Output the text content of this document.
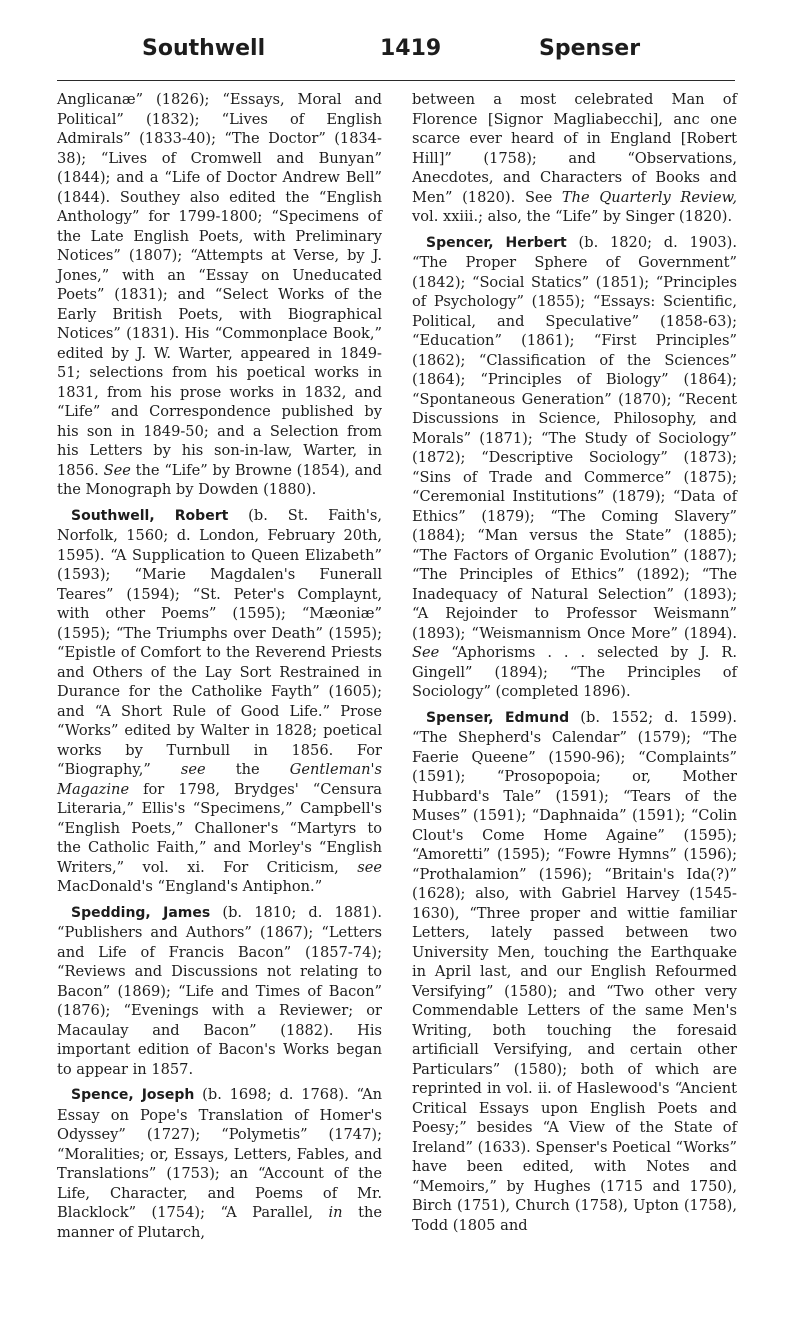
Southwell	1419	Spenser

Anglicanæ” (1826); “Essays, Moral and Political” (1832); “Lives of English Admirals” (1833-40); “The Doctor” (1834-38); “Lives of Cromwell and Bunyan” (1844); and a “Life of Doctor Andrew Bell” (1844). Southey also edited the “English Anthology” for 1799-1800; “Specimens of the Late English Poets, with Preliminary Notices” (1807); “Attempts at Verse, by J. Jones,” with an “Essay on Uneducated Poets” (1831); and “Select Works of the Early British Poets, with Biographical Notices” (1831). His “Commonplace Book,” edited by J. W. Warter, appeared in 1849-51; selections from his poetical works in 1831, from his prose works in 1832, and “Life” and Correspondence published by his son in 1849-50; and a Selection from his Letters by his son-in-law, Warter, in 1856. See the “Life” by Browne (1854), and the Monograph by Dowden (1880).

Southwell, Robert (b. St. Faith's, Norfolk, 1560; d. London, February 20th, 1595). “A Supplication to Queen Elizabeth” (1593); “Marie Magdalen's Funerall Teares” (1594); “St. Peter's Complaynt, with other Poems” (1595); “Mæoniæ” (1595); “The Triumphs over Death” (1595); “Epistle of Comfort to the Reverend Priests and Others of the Lay Sort Restrained in Durance for the Catholike Fayth” (1605); and “A Short Rule of Good Life.” Prose “Works” edited by Walter in 1828; poetical works by Turnbull in 1856. For “Biography,” see the Gentleman's Magazine for 1798, Brydges' “Censura Literaria,” Ellis's “Specimens,” Campbell's “English Poets,” Challoner's “Martyrs to the Catholic Faith,” and Morley's “English Writers,” vol. xi. For Criticism, see MacDonald's “England's Antiphon.”

Spedding, James (b. 1810; d. 1881). “Publishers and Authors” (1867); “Letters and Life of Francis Bacon” (1857-74); “Reviews and Discussions not relating to Bacon” (1869); “Life and Times of Bacon” (1876); “Evenings with a Reviewer; or Macaulay and Bacon” (1882). His important edition of Bacon's Works began to appear in 1857.

Spence, Joseph (b. 1698; d. 1768). “An Essay on Pope's Translation of Homer's Odyssey” (1727); “Polymetis” (1747); “Moralities; or, Essays, Letters, Fables, and Translations” (1753); an “Account of the Life, Character, and Poems of Mr. Blacklock” (1754); “A Parallel, in the manner of Plutarch,

between a most celebrated Man of Florence [Signor Magliabecchi], anc one scarce ever heard of in England [Robert Hill]” (1758); and “Observations, Anecdotes, and Characters of Books and Men” (1820). See The Quarterly Review, vol. xxiii.; also, the “Life” by Singer (1820).

Spencer, Herbert (b. 1820; d. 1903). “The Proper Sphere of Government” (1842); “Social Statics” (1851); “Principles of Psychology” (1855); “Essays: Scientific, Political, and Speculative” (1858-63); “Education” (1861); “First Principles” (1862); “Classification of the Sciences” (1864); “Principles of Biology” (1864); “Spontaneous Generation” (1870); “Recent Discussions in Science, Philosophy, and Morals” (1871); “The Study of Sociology” (1872); “Descriptive Sociology” (1873); “Sins of Trade and Commerce” (1875); “Ceremonial Institutions” (1879); “Data of Ethics” (1879); “The Coming Slavery” (1884); “Man versus the State” (1885); “The Factors of Organic Evolution” (1887); “The Principles of Ethics” (1892); “The Inadequacy of Natural Selection” (1893); “A Rejoinder to Professor Weismann” (1893); “Weismannism Once More” (1894). See “Aphorisms . . . selected by J. R. Gingell” (1894); “The Principles of Sociology” (completed 1896).

Spenser, Edmund (b. 1552; d. 1599). “The Shepherd's Calendar” (1579); “The Faerie Queene” (1590-96); “Complaints” (1591); “Prosopopoia; or, Mother Hubbard's Tale” (1591); “Tears of the Muses” (1591); “Daphnaida” (1591); “Colin Clout's Come Home Againe” (1595); “Amoretti” (1595); “Fowre Hymns” (1596); “Prothalamion” (1596); “Britain's Ida(?)” (1628); also, with Gabriel Harvey (1545-1630), “Three proper and wittie familiar Letters, lately passed between two University Men, touching the Earthquake in April last, and our English Refourmed Versifying” (1580); and “Two other very Commendable Letters of the same Men's Writing, both touching the foresaid artificiall Versifying, and certain other Particulars” (1580); both of which are reprinted in vol. ii. of Haslewood's “Ancient Critical Essays upon English Poets and Poesy;” besides “A View of the State of Ireland” (1633). Spenser's Poetical “Works” have been edited, with Notes and “Memoirs,” by Hughes (1715 and 1750), Birch (1751), Church (1758), Upton (1758), Todd (1805 and
